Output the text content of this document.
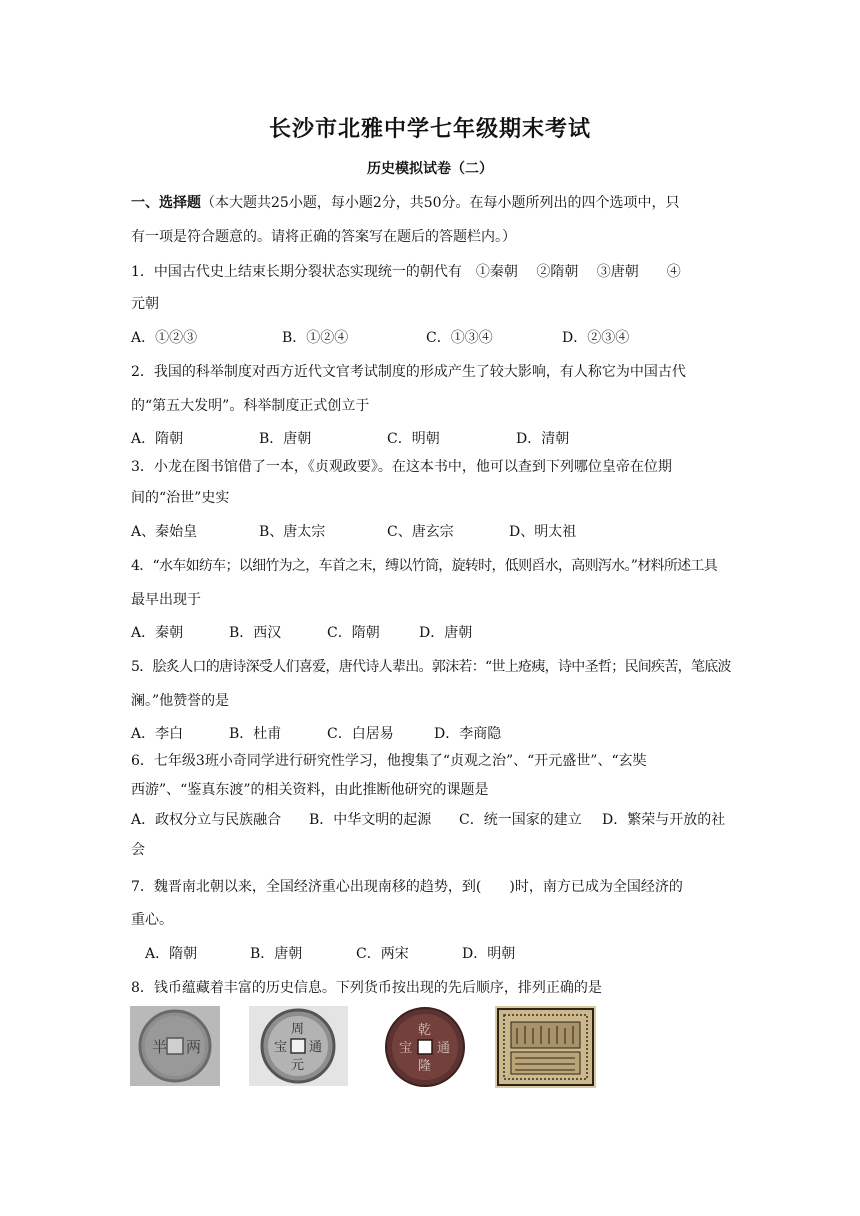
长沙市北雅中学七年级期末考试
历史模拟试卷（二）
一、选择题（本大题共25小题，每小题2分，共50分。在每小题所列出的四个选项中，只
有一项是符合题意的。请将正确的答案写在题后的答题栏内。）
1．中国古代史上结束长期分裂状态实现统一的朝代有　①秦朝　 ②隋朝　 ③唐朝　　④
元朝
A．①②③	B．①②④	C．①③④	D．②③④
2．我国的科举制度对西方近代文官考试制度的形成产生了较大影响，有人称它为中国古代
的“第五大发明”。科举制度正式创立于
A．隋朝	B．唐朝	C．明朝	D．清朝
3．小龙在图书馆借了一本，《贞观政要》。在这本书中，他可以查到下列哪位皇帝在位期
间的“治世”史实
A、秦始皇	B、唐太宗	C、唐玄宗	D、明太祖
4．“水车如纺车；以细竹为之，车首之末，缚以竹筒，旋转时，低则舀水，高则泻水。”材料所述工具
最早出现于
A．秦朝	B．西汉	C．隋朝	D．唐朝
5．脍炙人口的唐诗深受人们喜爱，唐代诗人辈出。郭沫若：“世上疮痍，诗中圣哲；民间疾苦，笔底波
澜。”他赞誉的是
A．李白	B．杜甫	C．白居易	D．李商隐
6．七年级3班小奇同学进行研究性学习，他搜集了“贞观之治”、“开元盛世”、“玄奘
西游”、“鉴真东渡”的相关资料，由此推断他研究的课题是
A．政权分立与民族融合 B．中华文明的起源 C．统一国家的建立 D．繁荣与开放的社
会
7．魏晋南北朝以来，全国经济重心出现南移的趋势，到(　　)时，南方已成为全国经济的
重心。
A．隋朝	B．唐朝	C．两宋	D．明朝
8．钱币蕴藏着丰富的历史信息。下列货币按出现的先后顺序，排列正确的是
半 两
周
元
通
宝
乾
隆
通
宝
